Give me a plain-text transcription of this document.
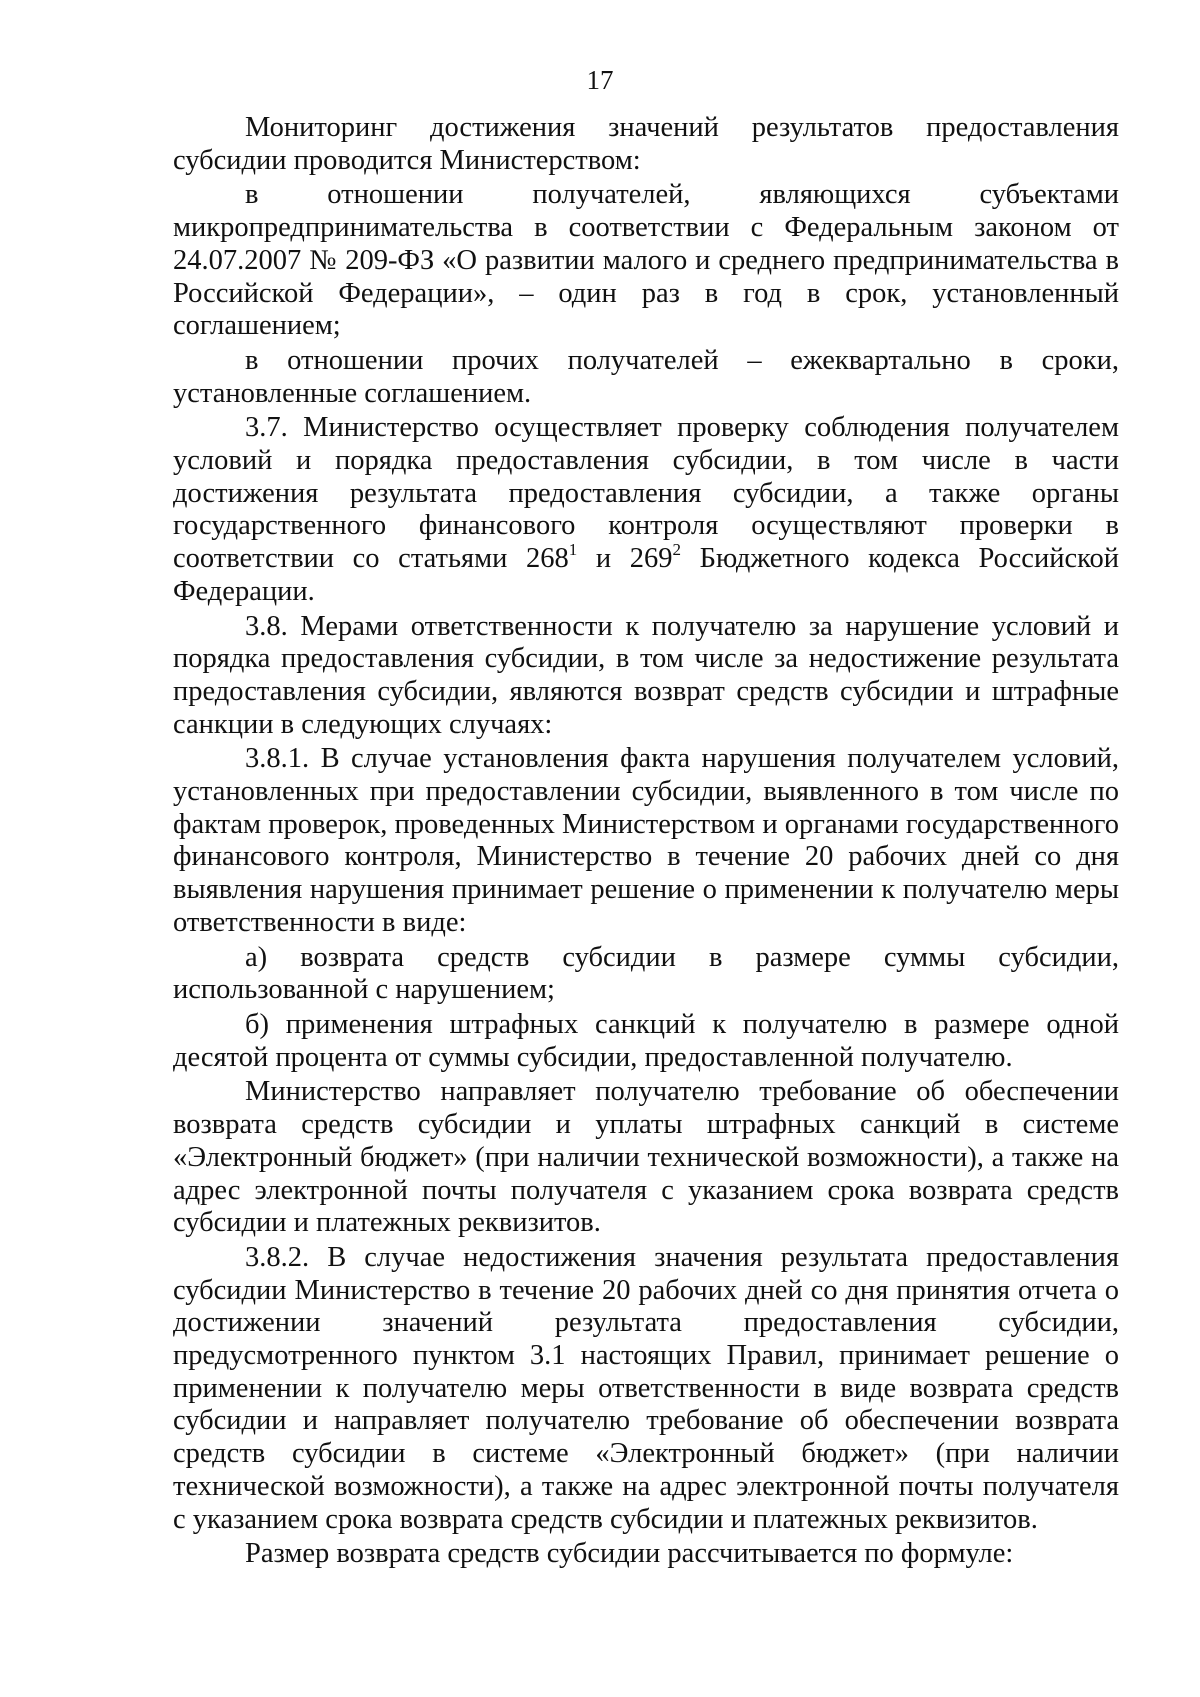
17

Мониторинг достижения значений результатов предоставления субсидии проводится Министерством:

в отношении получателей, являющихся субъектами микропредпринимательства в соответствии с Федеральным законом от 24.07.2007 № 209-ФЗ «О развитии малого и среднего предпринимательства в Российской Федерации», – один раз в год в срок, установленный соглашением;

в отношении прочих получателей – ежеквартально в сроки, установленные соглашением.

3.7. Министерство осуществляет проверку соблюдения получателем условий и порядка предоставления субсидии, в том числе в части достижения результата предоставления субсидии, а также органы государственного финансового контроля осуществляют проверки в соответствии со статьями $268^1$ и $269^2$ Бюджетного кодекса Российской Федерации.

3.8. Мерами ответственности к получателю за нарушение условий и порядка предоставления субсидии, в том числе за недостижение результата предоставления субсидии, являются возврат средств субсидии и штрафные санкции в следующих случаях:

3.8.1. В случае установления факта нарушения получателем условий, установленных при предоставлении субсидии, выявленного в том числе по фактам проверок, проведенных Министерством и органами государственного финансового контроля, Министерство в течение 20 рабочих дней со дня выявления нарушения принимает решение о применении к получателю меры ответственности в виде:

а) возврата средств субсидии в размере суммы субсидии, использованной с нарушением;

б) применения штрафных санкций к получателю в размере одной десятой процента от суммы субсидии, предоставленной получателю.

Министерство направляет получателю требование об обеспечении возврата средств субсидии и уплаты штрафных санкций в системе «Электронный бюджет» (при наличии технической возможности), а также на адрес электронной почты получателя с указанием срока возврата средств субсидии и платежных реквизитов.

3.8.2. В случае недостижения значения результата предоставления субсидии Министерство в течение 20 рабочих дней со дня принятия отчета о достижении значений результата предоставления субсидии, предусмотренного пунктом 3.1 настоящих Правил, принимает решение о применении к получателю меры ответственности в виде возврата средств субсидии и направляет получателю требование об обеспечении возврата средств субсидии в системе «Электронный бюджет» (при наличии технической возможности), а также на адрес электронной почты получателя с указанием срока возврата средств субсидии и платежных реквизитов.

Размер возврата средств субсидии рассчитывается по формуле:
